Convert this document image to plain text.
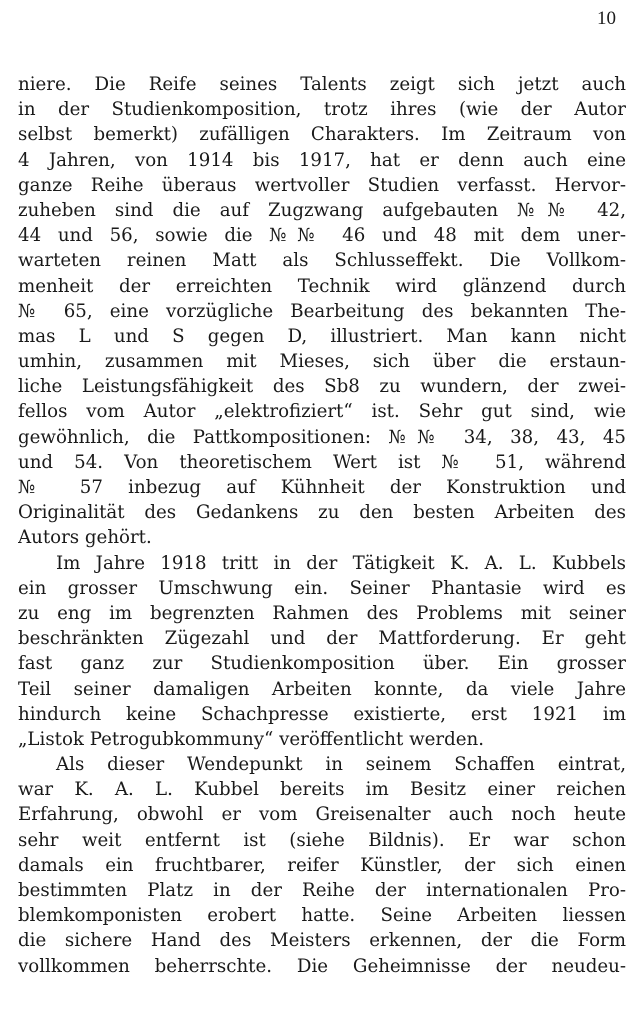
10
niere. Die Reife seines Talents zeigt sich jetzt auch
in der Studienkomposition, trotz ihres (wie der Autor
selbst bemerkt) zufälligen Charakters. Im Zeitraum von
4 Jahren, von 1914 bis 1917, hat er denn auch eine
ganze Reihe überaus wertvoller Studien verfasst. Hervor-
zuheben sind die auf Zugzwang aufgebauten №№ 42,
44 und 56, sowie die №№ 46 und 48 mit dem uner-
warteten reinen Matt als Schlusseffekt. Die Vollkom-
menheit der erreichten Technik wird glänzend durch
№ 65, eine vorzügliche Bearbeitung des bekannten The-
mas L und S gegen D, illustriert. Man kann nicht
umhin, zusammen mit Mieses, sich über die erstaun-
liche Leistungsfähigkeit des Sb8 zu wundern, der zwei-
fellos vom Autor „elektrofiziert“ ist. Sehr gut sind, wie
gewöhnlich, die Pattkompositionen: №№ 34, 38, 43, 45
und 54. Von theoretischem Wert ist № 51, während
№ 57 inbezug auf Kühnheit der Konstruktion und
Originalität des Gedankens zu den besten Arbeiten des
Autors gehört.
Im Jahre 1918 tritt in der Tätigkeit K. A. L. Kubbels
ein grosser Umschwung ein. Seiner Phantasie wird es
zu eng im begrenzten Rahmen des Problems mit seiner
beschränkten Zügezahl und der Mattforderung. Er geht
fast ganz zur Studienkomposition über. Ein grosser
Teil seiner damaligen Arbeiten konnte, da viele Jahre
hindurch keine Schachpresse existierte, erst 1921 im
„Listok Petrogubkommuny“ veröffentlicht werden.
Als dieser Wendepunkt in seinem Schaffen eintrat,
war K. A. L. Kubbel bereits im Besitz einer reichen
Erfahrung, obwohl er vom Greisenalter auch noch heute
sehr weit entfernt ist (siehe Bildnis). Er war schon
damals ein fruchtbarer, reifer Künstler, der sich einen
bestimmten Platz in der Reihe der internationalen Pro-
blemkomponisten erobert hatte. Seine Arbeiten liessen
die sichere Hand des Meisters erkennen, der die Form
vollkommen beherrschte. Die Geheimnisse der neudeu-
